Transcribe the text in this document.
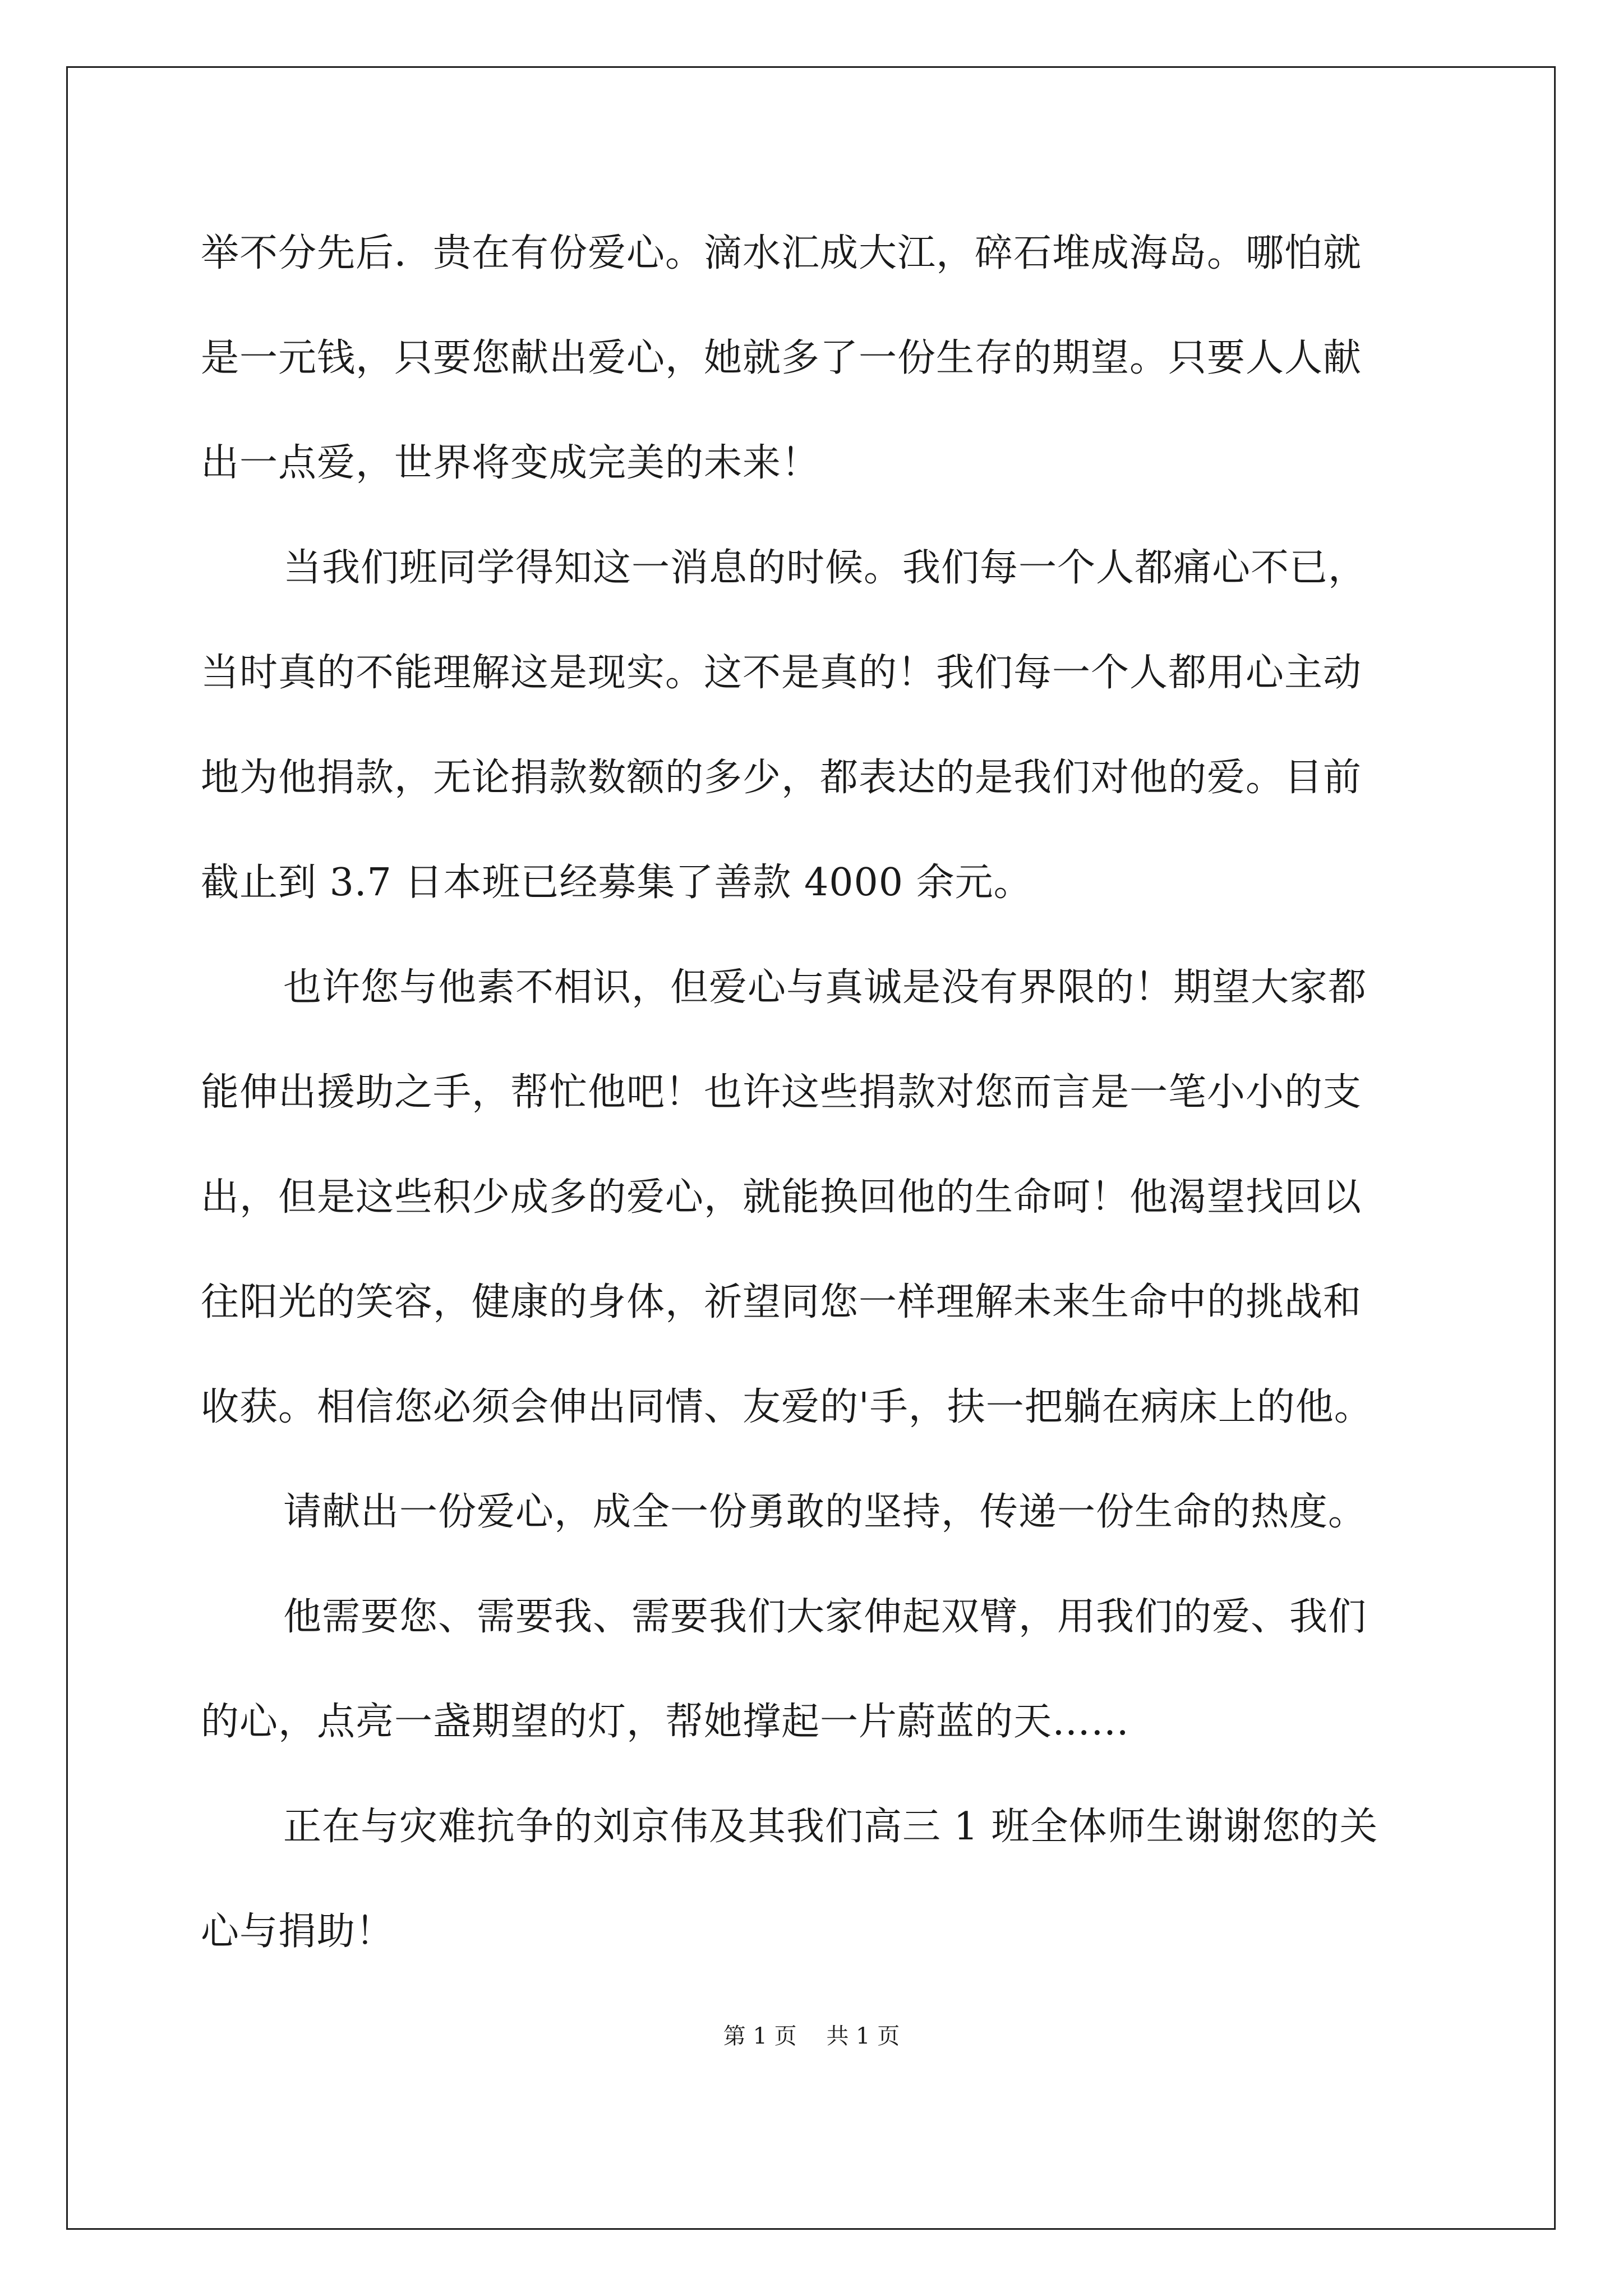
举不分先后．贵在有份爱心。滴水汇成大江，碎石堆成海岛。哪怕就
是一元钱，只要您献出爱心，她就多了一份生存的期望。只要人人献
出一点爱，世界将变成完美的未来！
当我们班同学得知这一消息的时候。我们每一个人都痛心不已，
当时真的不能理解这是现实。这不是真的！我们每一个人都用心主动
地为他捐款，无论捐款数额的多少，都表达的是我们对他的爱。目前
截止到 3.7 日本班已经募集了善款 4000 余元。
也许您与他素不相识，但爱心与真诚是没有界限的！期望大家都
能伸出援助之手，帮忙他吧！也许这些捐款对您而言是一笔小小的支
出，但是这些积少成多的爱心，就能换回他的生命呵！他渴望找回以
往阳光的笑容，健康的身体，祈望同您一样理解未来生命中的挑战和
收获。相信您必须会伸出同情、友爱的'手，扶一把躺在病床上的他。
请献出一份爱心，成全一份勇敢的坚持，传递一份生命的热度。
他需要您、需要我、需要我们大家伸起双臂，用我们的爱、我们
的心，点亮一盏期望的灯，帮她撑起一片蔚蓝的天……
正在与灾难抗争的刘京伟及其我们高三 1 班全体师生谢谢您的关
心与捐助！
第 1 页　 共 1 页
